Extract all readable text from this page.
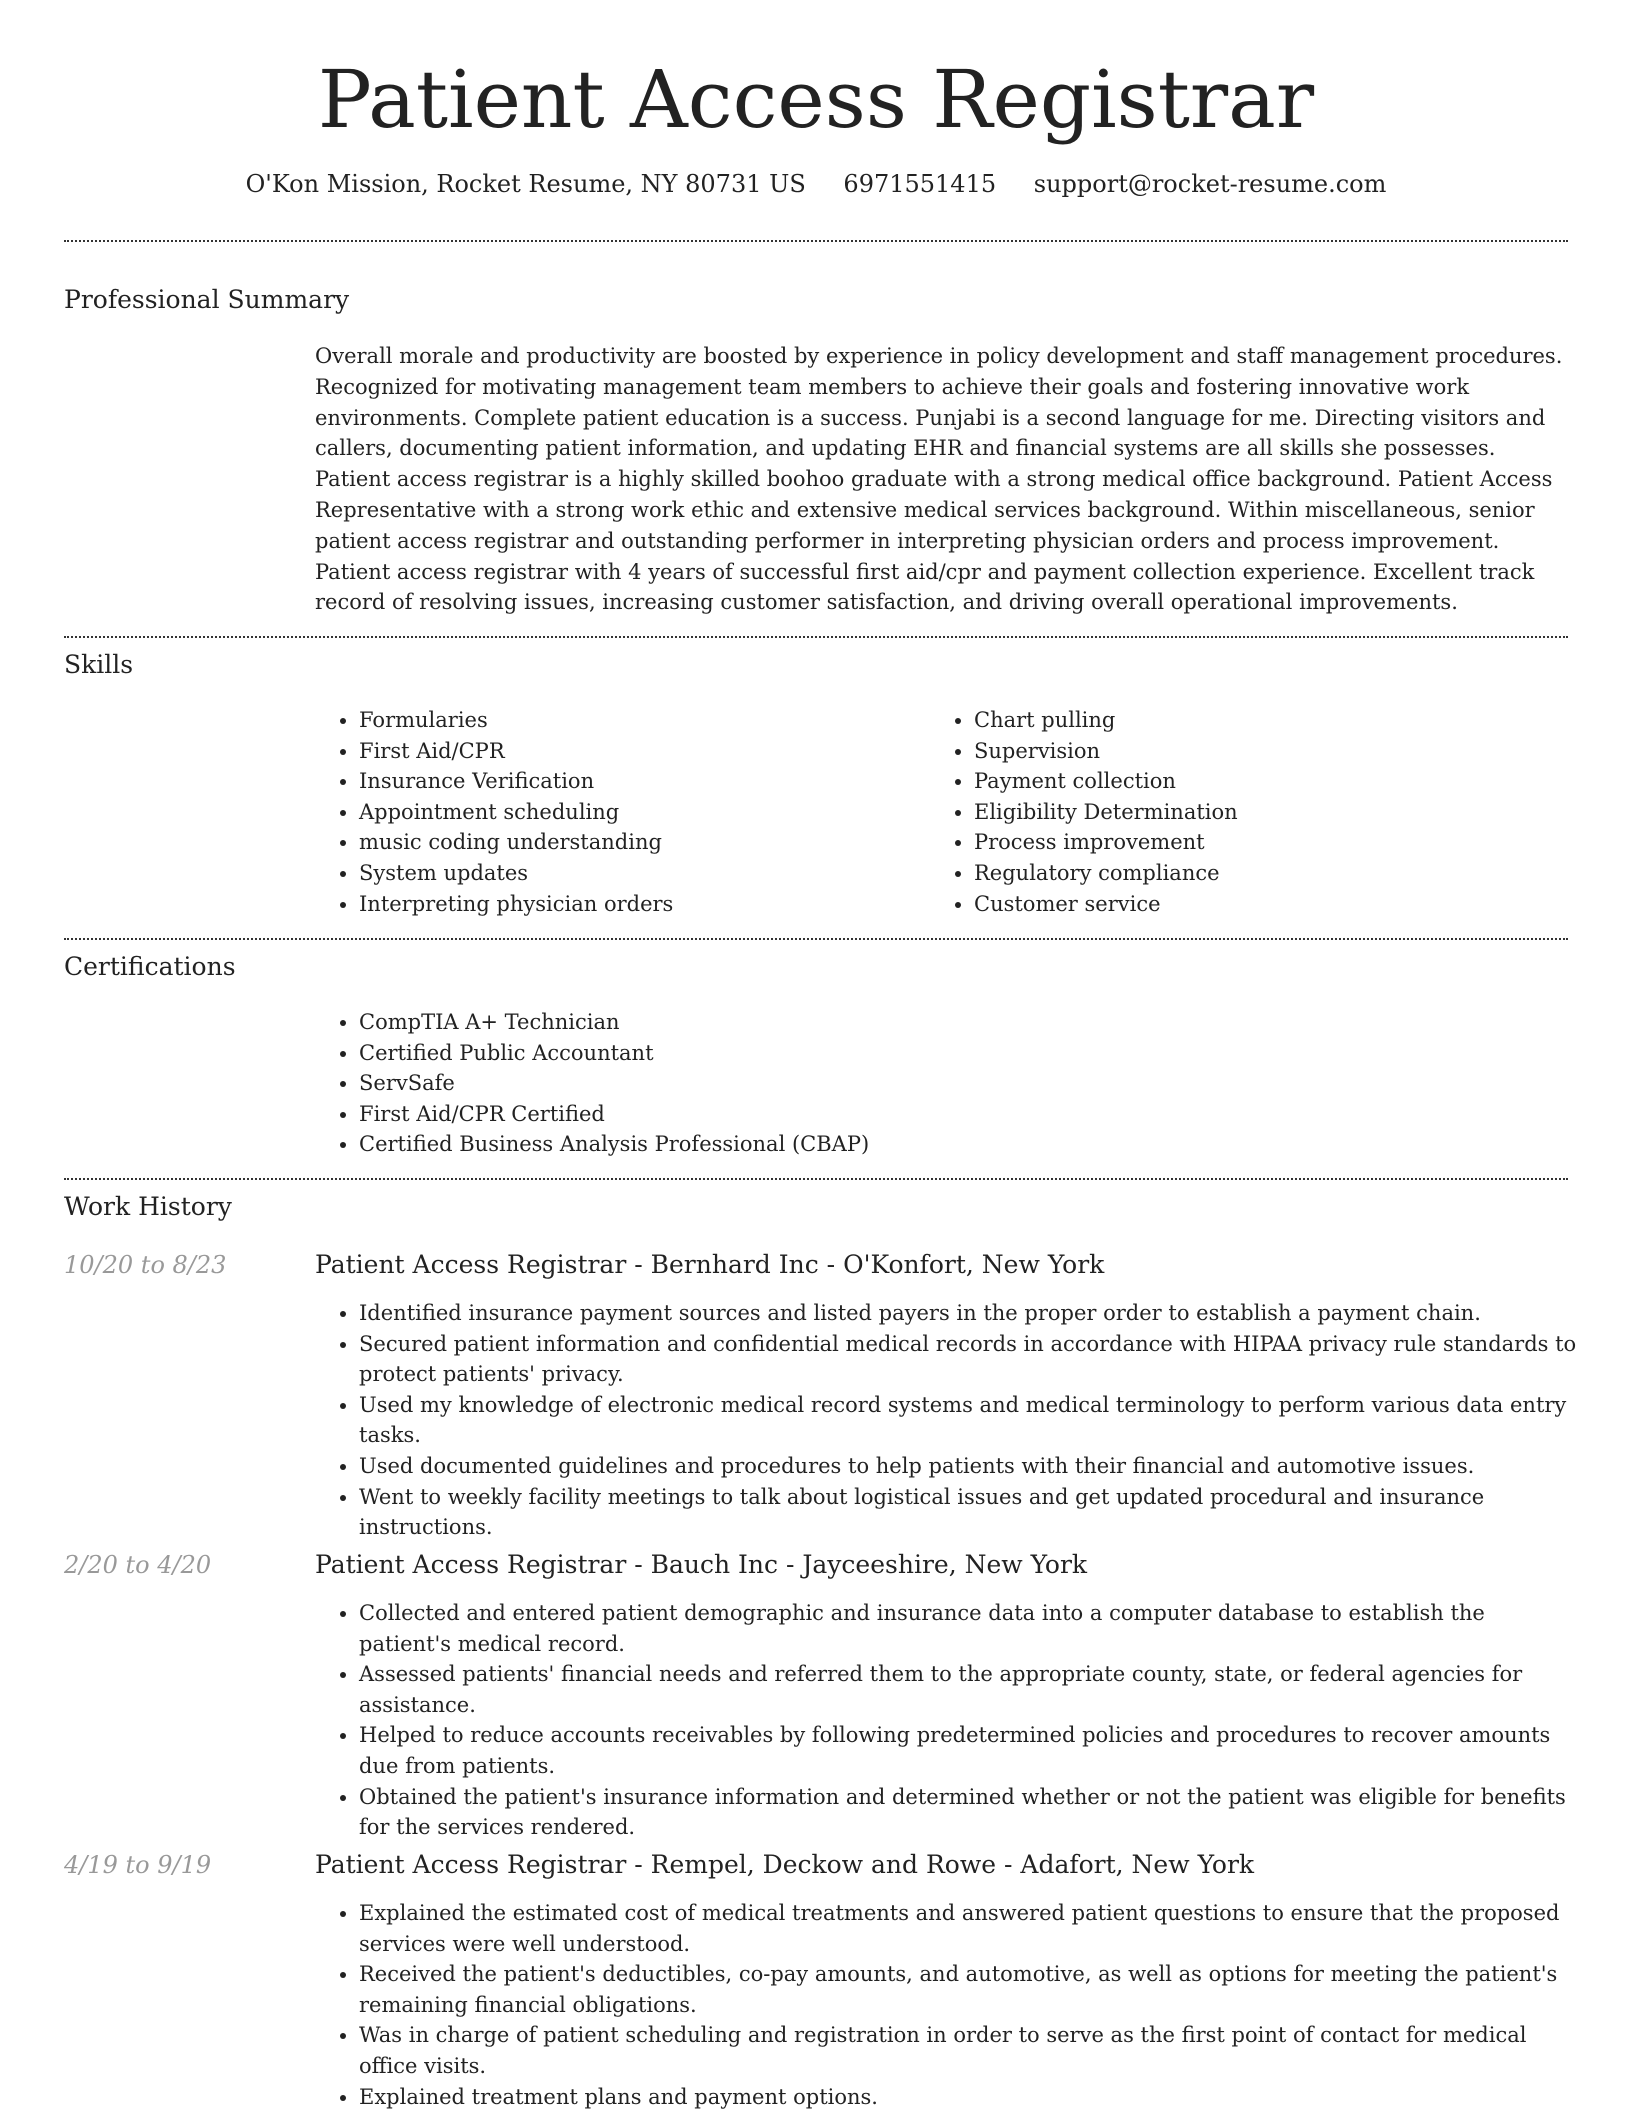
Patient Access Registrar
O'Kon Mission, Rocket Resume, NY 80731 US 6971551415 support@rocket-resume.com
Professional Summary

Overall morale and productivity are boosted by experience in policy development and staff management procedures. Recognized for motivating management team members to achieve their goals and fostering innovative work environments. Complete patient education is a success. Punjabi is a second language for me. Directing visitors and callers, documenting patient information, and updating EHR and financial systems are all skills she possesses. Patient access registrar is a highly skilled boohoo graduate with a strong medical office background. Patient Access Representative with a strong work ethic and extensive medical services background. Within miscellaneous, senior patient access registrar and outstanding performer in interpreting physician orders and process improvement. Patient access registrar with 4 years of successful first aid/cpr and payment collection experience. Excellent track record of resolving issues, increasing customer satisfaction, and driving overall operational improvements.

Skills
• Formularies
• First Aid/CPR
• Insurance Verification
• Appointment scheduling
• music coding understanding
• System updates
• Interpreting physician orders
• Chart pulling
• Supervision
• Payment collection
• Eligibility Determination
• Process improvement
• Regulatory compliance
• Customer service
Certifications
• CompTIA A+ Technician
• Certified Public Accountant
• ServSafe
• First Aid/CPR Certified
• Certified Business Analysis Professional (CBAP)
Work History
10/20 to 8/23	Patient Access Registrar - Bernhard Inc - O'Konfort, New York
• Identified insurance payment sources and listed payers in the proper order to establish a payment chain.
• Secured patient information and confidential medical records in accordance with HIPAA privacy rule standards to protect patients' privacy.
• Used my knowledge of electronic medical record systems and medical terminology to perform various data entry tasks.
• Used documented guidelines and procedures to help patients with their financial and automotive issues.
• Went to weekly facility meetings to talk about logistical issues and get updated procedural and insurance instructions.
2/20 to 4/20	Patient Access Registrar - Bauch Inc - Jayceeshire, New York
• Collected and entered patient demographic and insurance data into a computer database to establish the patient's medical record.
• Assessed patients' financial needs and referred them to the appropriate county, state, or federal agencies for assistance.
• Helped to reduce accounts receivables by following predetermined policies and procedures to recover amounts due from patients.
• Obtained the patient's insurance information and determined whether or not the patient was eligible for benefits for the services rendered.
4/19 to 9/19	Patient Access Registrar - Rempel, Deckow and Rowe - Adafort, New York
• Explained the estimated cost of medical treatments and answered patient questions to ensure that the proposed services were well understood.
• Received the patient's deductibles, co-pay amounts, and automotive, as well as options for meeting the patient's remaining financial obligations.
• Was in charge of patient scheduling and registration in order to serve as the first point of contact for medical office visits.
• Explained treatment plans and payment options.
